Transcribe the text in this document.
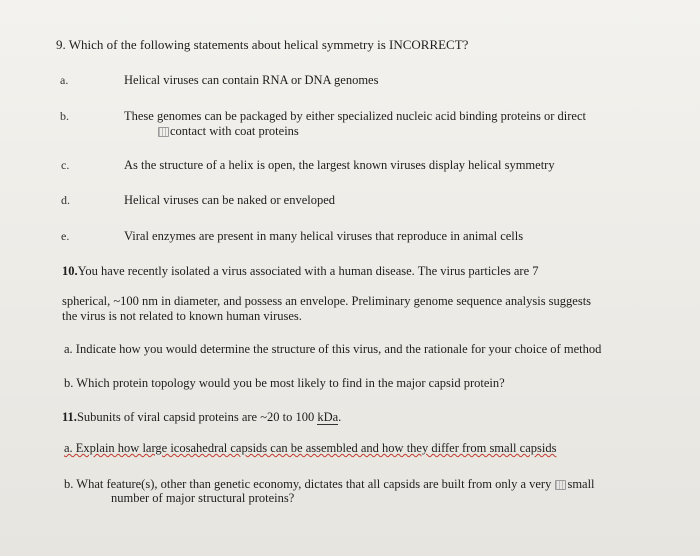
9. Which of the following statements about helical symmetry is INCORRECT?
a.	Helical viruses can contain RNA or DNA genomes
b.	These genomes can be packaged by either specialized nucleic acid binding proteins or direct
contact with coat proteins
c.	As the structure of a helix is open, the largest known viruses display helical symmetry
d.	Helical viruses can be naked or enveloped
e.	Viral enzymes are present in many helical viruses that reproduce in animal cells
10.You have recently isolated a virus associated with a human disease. The virus particles are 7
spherical, ~100 nm in diameter, and possess an envelope. Preliminary genome sequence analysis suggests
the virus is not related to known human viruses.
a. Indicate how you would determine the structure of this virus, and the rationale for your choice of method
b. Which protein topology would you be most likely to find in the major capsid protein?
11.Subunits of viral capsid proteins are ~20 to 100 kDa.
a. Explain how large icosahedral capsids can be assembled and how they differ from small capsids
b. What feature(s), other than genetic economy, dictates that all capsids are built from only a very small
number of major structural proteins?
